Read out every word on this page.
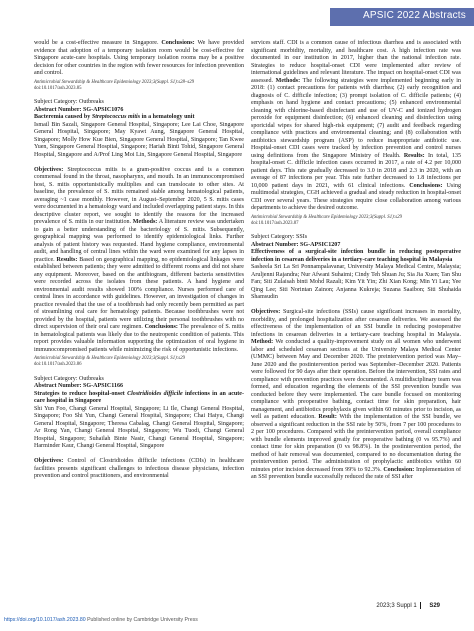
APSIC 2022 Abstracts

would be a cost-effective measure in Singapore. Conclusions: We have provided evidence that adoption of a temporary isolation room would be cost-effective for Singapore acute-care hospitals. Using temporary isolation rooms may be a positive decision for other countries in the region with fewer resources for infection prevention and control.

Antimicrobial Stewardship & Healthcare Epidemiology 2023;3(Suppl. S1):s28–s29

doi:10.1017/ash.2023.85

Subject Category: Outbreaks

Abstract Number: SG-APSIC1076

Bacteremia caused by Streptococcus mitis in a hematology unit

Ismail Bin Sazali, Singapore General Hospital, Singapore; Lee Lai Choe, Singapore General Hospital, Singapore; May Kyawt Aung, Singapore General Hospital, Singapore; Molly How Kue Bien, Singapore General Hospital, Singapore; Tan Kwee Yuen, Singapore General Hospital, Singapore; Hariah Binti Tohid, Singapore General Hospital, Singapore and A/Prof Ling Moi Lin, Singapore General Hospital, Singapore

Objectives: Streptococcus mitis is a gram-positive coccus and is a common commensal found in the throat, nasopharynx, and mouth. In an immunocompromised host, S. mitis opportunistically multiplies and can translocate to other sites. At baseline, the prevalence of S. mitis remained stable among hematological patients, averaging ~1 case monthly. However, in August–September 2020, 5 S. mitis cases were documented in a hematology ward and included overlapping patient stays. In this descriptive cluster report, we sought to identify the reasons for the increased prevalence of S. mitis in our institution. Methods: A literature review was undertaken to gain a better understanding of the bacteriology of S. mitis. Subsequently, geographical mapping was performed to identify epidemiological links. Further analysis of patient history was requested. Hand hygiene compliance, environmental audit, and handling of central lines within the ward were examined for any lapses in practice. Results: Based on geographical mapping, no epidemiological linkages were established between patients; they were admitted to different rooms and did not share any equipment. Moreover, based on the antibiogram, different bacteria sensitivities were recorded across the isolates from these patients. A hand hygiene and environmental audit results showed 100% compliance. Nurses performed care of central lines in accordance with guidelines. However, an investigation of changes in practice revealed that the use of a toothbrush had only recently been permitted as part of streamlining oral care for hematology patients. Because toothbrushes were not provided by the hospital, patients were utilizing their personal toothbrushes with no direct supervision of their oral care regimen. Conclusions: The prevalence of S. mitis in hematological patients was likely due to the neutropenic condition of patients. This report provides valuable information supporting the optimization of oral hygiene in immunocompromised patients while minimizing the risk of opportunistic infections.

Antimicrobial Stewardship & Healthcare Epidemiology 2023;3(Suppl. S1):s29

doi:10.1017/ash.2023.86

Subject Category: Outbreaks

Abstract Number: SG-APSIC1166

Strategies to reduce hospital-onset Clostridioides difficile infections in an acute-care hospital in Singapore

Shi Yun Foo, Changi General Hospital, Singapore; Li Ile, Changi General Hospital, Singapore; Foo Shi Yun, Changi General Hospital, Singapore; Chai Haiyu, Changi General Hospital, Singapore; Theresa Cabalag, Changi General Hospital, Singapore; Ar Rong Yan, Changi General Hospital, Singapore; Wu Tuodi, Changi General Hospital, Singapore; Suhailah Binte Nasir, Changi General Hospital, Singapore; Harminder Kaur, Changi General Hospital, Singapore

Objectives: Control of Clostridioides difficile infections (CDIs) in healthcare facilities presents significant challenges to infectious disease physicians, infection prevention and control practitioners, and environmental

services staff. CDI is a common cause of infectious diarrhea and is associated with significant morbidity, mortality, and healthcare cost. A high infection rate was documented in our institution in 2017, higher than the national infection rate. Strategies to reduce hospital-onset CDI were implemented after review of international guidelines and relevant literature. The impact on hospital-onset CDI was assessed. Methods: The following strategies were implemented beginning early in 2018: (1) contact precautions for patients with diarrhea; (2) early recognition and diagnosis of C. difficile infection; (3) prompt isolation of C. difficile patients; (4) emphasis on hand hygiene and contact precautions; (5) enhanced environmental cleaning with chlorine-based disinfectant and use of UV-C and ionized hydrogen peroxide for equipment disinfection; (6) enhanced cleaning and disinfection using sporicidal wipes for shared high-risk equipment; (7) audit and feedback regarding compliance with practices and environmental cleaning; and (8) collaboration with antibiotics stewardship program (ASP) to reduce inappropriate antibiotic use. Hospital-onset CDI cases were tracked by infection prevention and control nurses using definitions from the Singapore Ministry of Health. Results: In total, 135 hospital-onset C. difficile infection cases occurred in 2017, a rate of 4.2 per 10,000 patient days. This rate gradually decreased to 3.0 in 2018 and 2.3 in 2020, with an average of 87 infections per year. This rate further decreased to 1.8 infections per 10,000 patient days in 2021, with 61 clinical infections. Conclusions: Using multimodal strategies, CGH achieved a gradual and steady reduction in hospital-onset CDI over several years. These strategies require close collaboration among various departments to achieve the desired outcome.

Antimicrobial Stewardship & Healthcare Epidemiology 2023;3(Suppl. S1):s29

doi:10.1017/ash.2023.87

Subject Category: SSIs

Abstract Number: SG-APSIC1207

Effectiveness of a surgical-site infection bundle in reducing postoperative infection in cesarean deliveries in a tertiary-care teaching hospital in Malaysia

Sasheela Sri La Sri Ponnampalavanar, University Malaya Medical Centre, Malaysia; Aruljenni Rajandra; Nur Afwani Suhaimi; Cindy Teh Shuan Ju; Sia Jia Xuen; Tan Shu Fan; Siti Zulaisah binti Mohd Razali; Kim Yit Yin; Zhi Xian Kong; Min Yi Lau; Yee Qing Lee; Siti Norintan Zainon; Anjanna Kukreja; Suzana Saaibon; Siti Shuhaida Shamsudin

Objectives: Surgical-site infections (SSIs) cause significant increases in mortality, morbidity, and prolonged hospitalization after cesarean deliveries. We assessed the effectiveness of the implementation of an SSI bundle in reducing postoperative infections in cesarean deliveries in a tertiary-care teaching hospital in Malaysia. Method: We conducted a quality-improvement study on all women who underwent labor and scheduled cesarean sections at the University Malaya Medical Center (UMMC) between May and December 2020. The preintervention period was May–June 2020 and the postintervention period was September–December 2020. Patients were followed for 90 days after their operation. Before the intervention, SSI rates and compliance with prevention practices were documented. A multidisciplinary team was formed, and education regarding the elements of the SSI prevention bundle was conducted before they were implemented. The care bundle focused on monitoring compliance with preoperative bathing, contact time for skin preparation, hair management, and antibiotics prophylaxis given within 60 minutes prior to incision, as well as patient education. Result: With the implementation of the SSI bundle, we observed a significant reduction in the SSI rate by 50%, from 7 per 100 procedures to 2 per 100 procedures. Compared with the preintervention period, overall compliance with bundle elements improved greatly for preoperative bathing (0 vs 95.7%) and contact time for skin preparation (0 vs 98.8%). In the postintervention period, the method of hair removal was documented, compared to no documentation during the preintervention period. The administration of prophylactic antibiotics within 60 minutes prior incision decreased from 99% to 92.3%. Conclusion: Implementation of an SSI prevention bundle successfully reduced the rate of SSI after

2023;3 Suppl 1 S29
https://doi.org/10.1017/ash.2023.80 Published online by Cambridge University Press
